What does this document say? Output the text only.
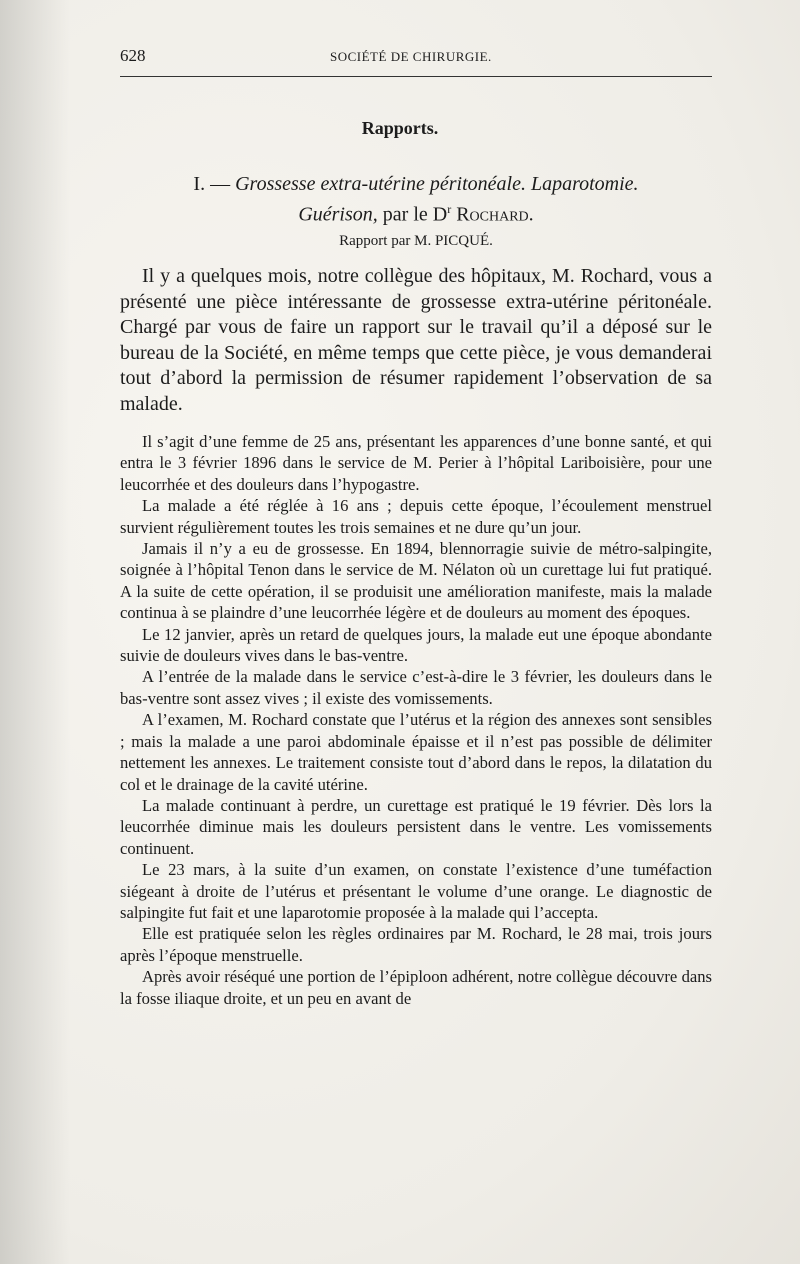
628	SOCIÉTÉ DE CHIRURGIE.
Rapports.
I. — Grossesse extra-utérine péritonéale. Laparotomie.
Guérison, par le $D^r$ Rochard.
Rapport par M. PICQUÉ.

Il y a quelques mois, notre collègue des hôpitaux, M. Rochard, vous a présenté une pièce intéressante de grossesse extra-utérine péritonéale. Chargé par vous de faire un rapport sur le travail qu’il a déposé sur le bureau de la Société, en même temps que cette pièce, je vous demanderai tout d’abord la permission de résumer rapidement l’observation de sa malade.

Il s’agit d’une femme de 25 ans, présentant les apparences d’une bonne santé, et qui entra le 3 février 1896 dans le service de M. Perier à l’hôpital Lariboisière, pour une leucorrhée et des douleurs dans l’hypogastre.

La malade a été réglée à 16 ans ; depuis cette époque, l’écoulement menstruel survient régulièrement toutes les trois semaines et ne dure qu’un jour.

Jamais il n’y a eu de grossesse. En 1894, blennorragie suivie de métro-salpingite, soignée à l’hôpital Tenon dans le service de M. Nélaton où un curettage lui fut pratiqué. A la suite de cette opération, il se produisit une amélioration manifeste, mais la malade continua à se plaindre d’une leucorrhée légère et de douleurs au moment des époques.

Le 12 janvier, après un retard de quelques jours, la malade eut une époque abondante suivie de douleurs vives dans le bas-ventre.

A l’entrée de la malade dans le service c’est-à-dire le 3 février, les douleurs dans le bas-ventre sont assez vives ; il existe des vomissements.

A l’examen, M. Rochard constate que l’utérus et la région des annexes sont sensibles ; mais la malade a une paroi abdominale épaisse et il n’est pas possible de délimiter nettement les annexes. Le traitement consiste tout d’abord dans le repos, la dilatation du col et le drainage de la cavité utérine.

La malade continuant à perdre, un curettage est pratiqué le 19 février. Dès lors la leucorrhée diminue mais les douleurs persistent dans le ventre. Les vomissements continuent.

Le 23 mars, à la suite d’un examen, on constate l’existence d’une tuméfaction siégeant à droite de l’utérus et présentant le volume d’une orange. Le diagnostic de salpingite fut fait et une laparotomie proposée à la malade qui l’accepta.

Elle est pratiquée selon les règles ordinaires par M. Rochard, le 28 mai, trois jours après l’époque menstruelle.

Après avoir réséqué une portion de l’épiploon adhérent, notre collègue découvre dans la fosse iliaque droite, et un peu en avant de
